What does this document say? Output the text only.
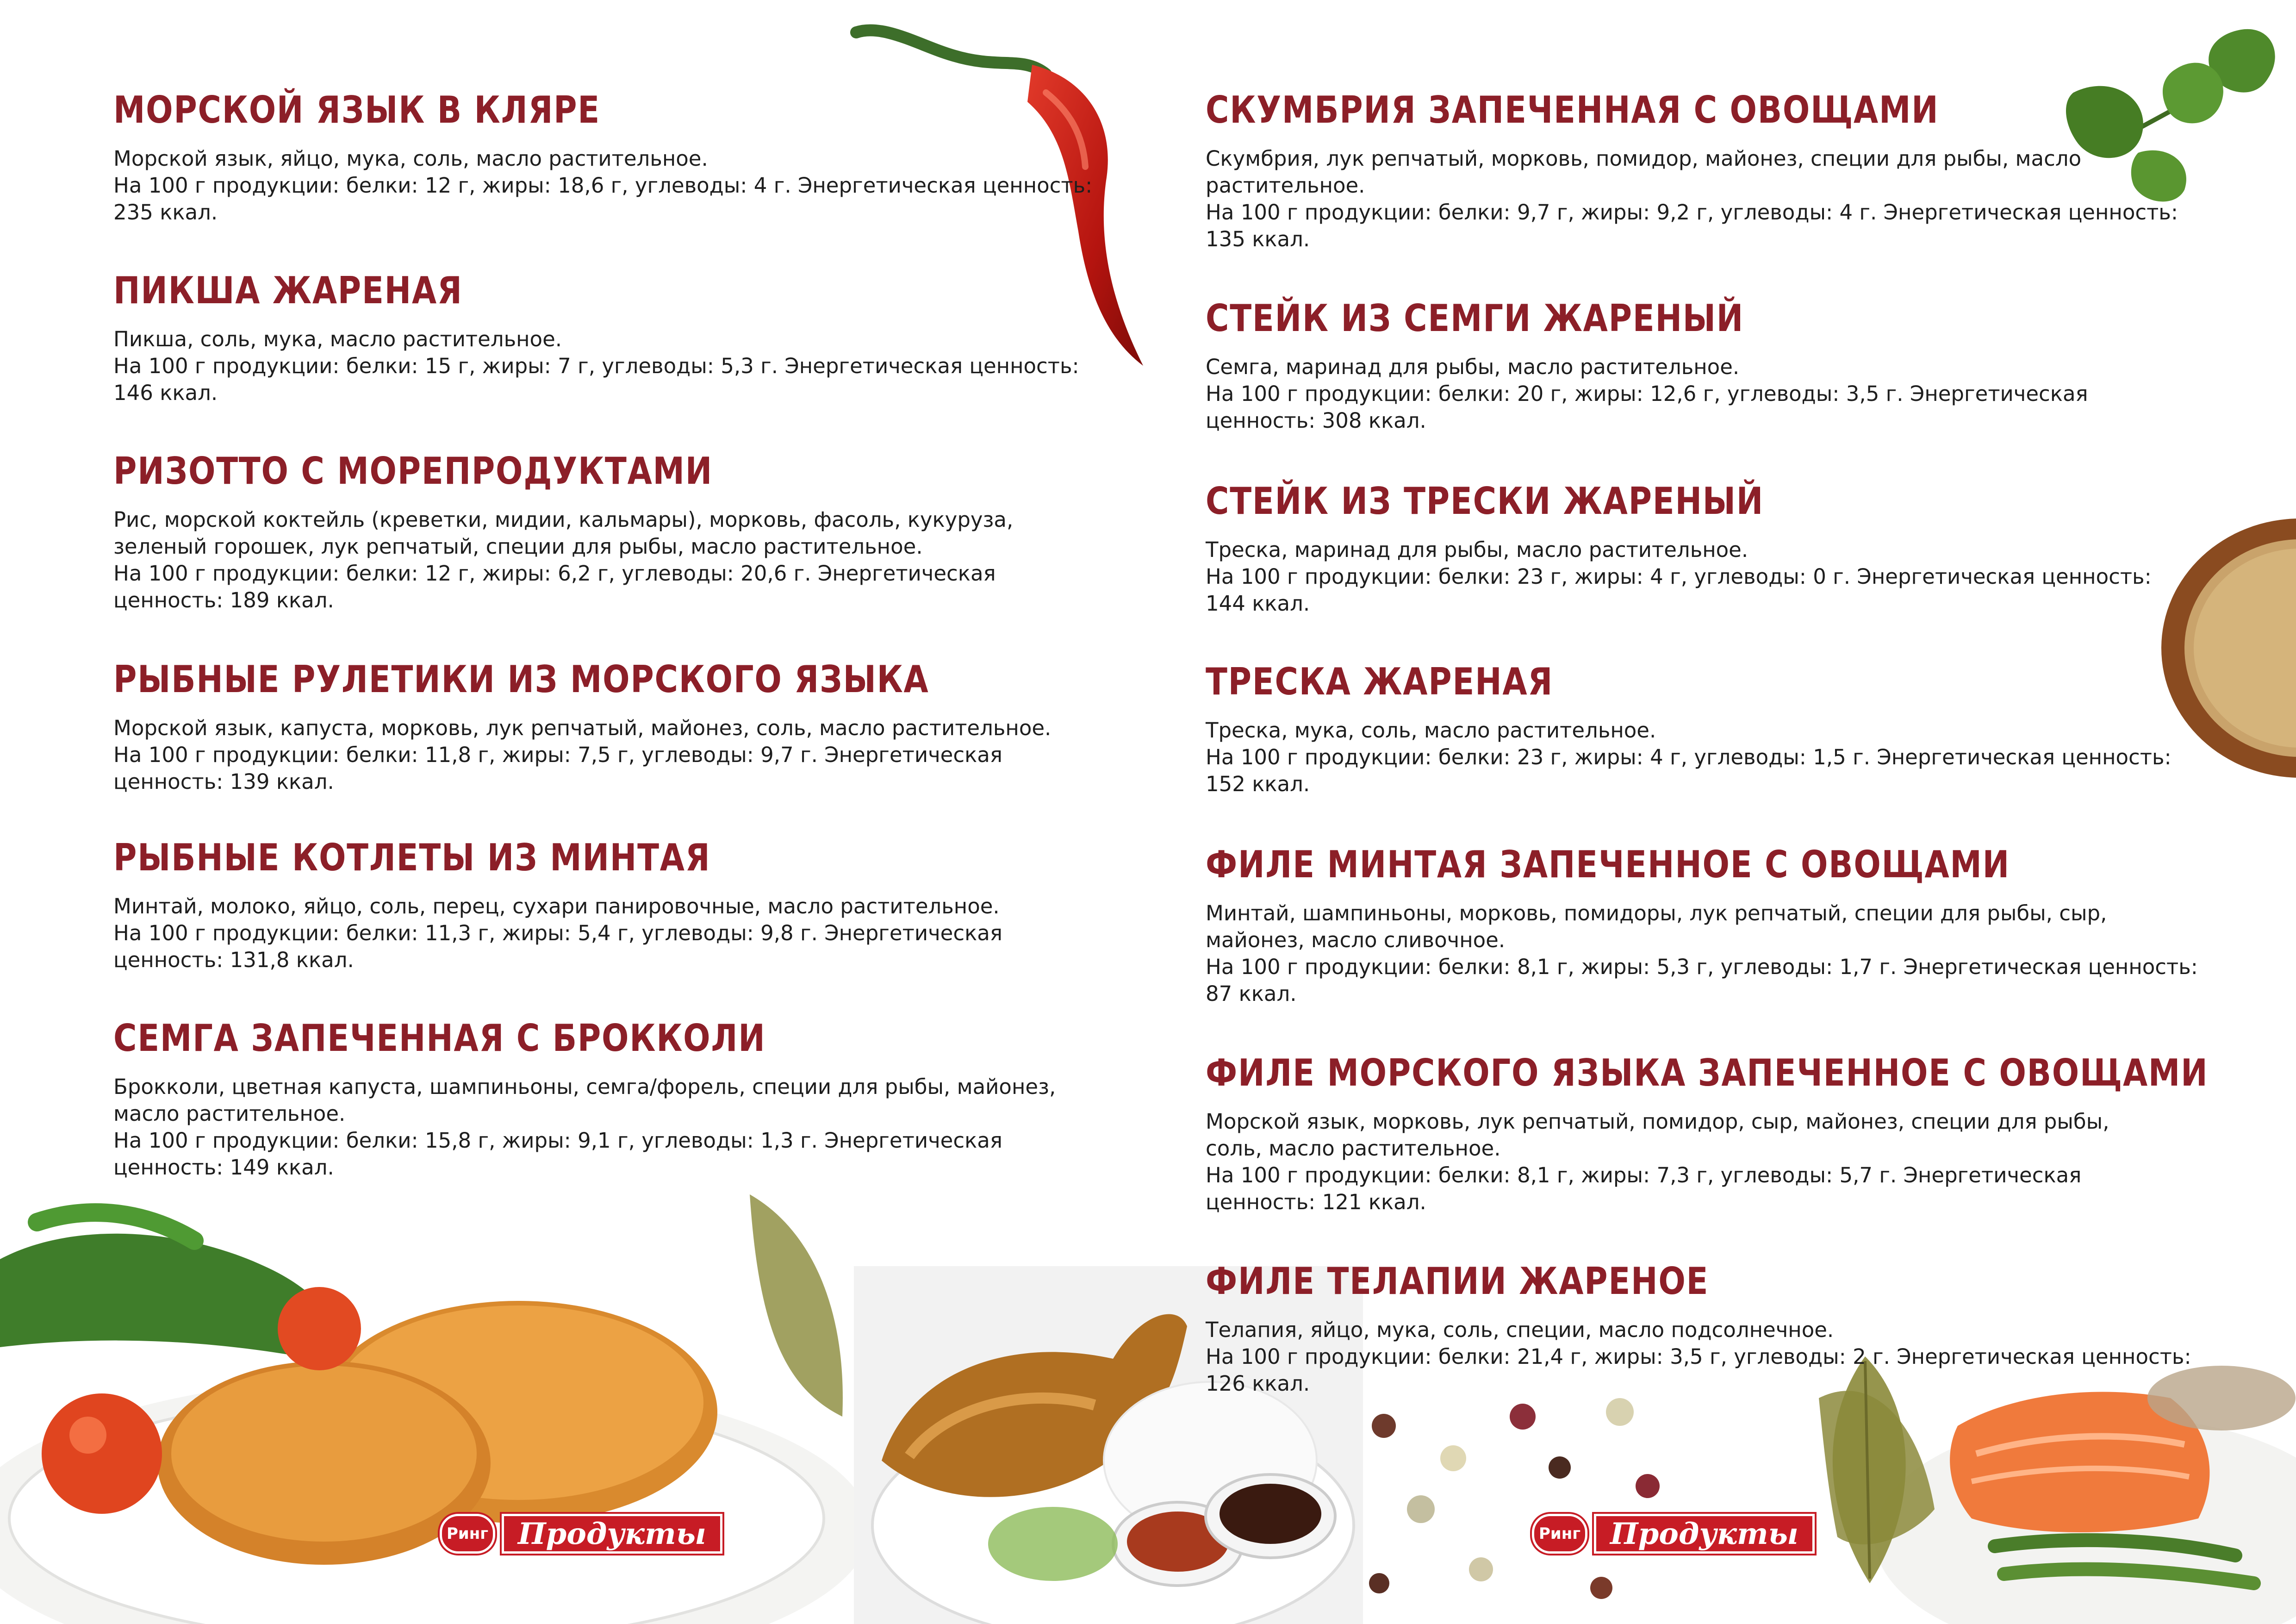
Ринг	Продукты	Ринг	Продукты
МОРСКОЙ ЯЗЫК В КЛЯРЕ

Морской язык, яйцо, мука, соль, масло растительное.

На 100 г продукции: белки: 12 г, жиры: 18,6 г, углеводы: 4 г. Энергетическая ценность:

235 ккал.

ПИКША ЖАРЕНАЯ

Пикша, соль, мука, масло растительное.

На 100 г продукции: белки: 15 г, жиры: 7 г, углеводы: 5,3 г. Энергетическая ценность:

146 ккал.

РИЗОТТО С МОРЕПРОДУКТАМИ

Рис, морской коктейль (креветки, мидии, кальмары), морковь, фасоль, кукуруза,

зеленый горошек, лук репчатый, специи для рыбы, масло растительное.

На 100 г продукции: белки: 12 г, жиры: 6,2 г, углеводы: 20,6 г. Энергетическая

ценность: 189 ккал.

РЫБНЫЕ РУЛЕТИКИ ИЗ МОРСКОГО ЯЗЫКА

Морской язык, капуста, морковь, лук репчатый, майонез, соль, масло растительное.

На 100 г продукции: белки: 11,8 г, жиры: 7,5 г, углеводы: 9,7 г. Энергетическая

ценность: 139 ккал.

РЫБНЫЕ КОТЛЕТЫ ИЗ МИНТАЯ

Минтай, молоко, яйцо, соль, перец, сухари панировочные, масло растительное.

На 100 г продукции: белки: 11,3 г, жиры: 5,4 г, углеводы: 9,8 г. Энергетическая

ценность: 131,8 ккал.

СЕМГА ЗАПЕЧЕННАЯ С БРОККОЛИ

Брокколи, цветная капуста, шампиньоны, семга/форель, специи для рыбы, майонез,

масло растительное.

На 100 г продукции: белки: 15,8 г, жиры: 9,1 г, углеводы: 1,3 г. Энергетическая

ценность: 149 ккал.

СКУМБРИЯ ЗАПЕЧЕННАЯ С ОВОЩАМИ

Скумбрия, лук репчатый, морковь, помидор, майонез, специи для рыбы, масло

растительное.

На 100 г продукции: белки: 9,7 г, жиры: 9,2 г, углеводы: 4 г. Энергетическая ценность:

135 ккал.

СТЕЙК ИЗ СЕМГИ ЖАРЕНЫЙ

Семга, маринад для рыбы, масло растительное.

На 100 г продукции: белки: 20 г, жиры: 12,6 г, углеводы: 3,5 г. Энергетическая

ценность: 308 ккал.

СТЕЙК ИЗ ТРЕСКИ ЖАРЕНЫЙ

Треска, маринад для рыбы, масло растительное.

На 100 г продукции: белки: 23 г, жиры: 4 г, углеводы: 0 г. Энергетическая ценность:

144 ккал.

ТРЕСКА ЖАРЕНАЯ

Треска, мука, соль, масло растительное.

На 100 г продукции: белки: 23 г, жиры: 4 г, углеводы: 1,5 г. Энергетическая ценность:

152 ккал.

ФИЛЕ МИНТАЯ ЗАПЕЧЕННОЕ С ОВОЩАМИ

Минтай, шампиньоны, морковь, помидоры, лук репчатый, специи для рыбы, сыр,

майонез, масло сливочное.

На 100 г продукции: белки: 8,1 г, жиры: 5,3 г, углеводы: 1,7 г. Энергетическая ценность:

87 ккал.

ФИЛЕ МОРСКОГО ЯЗЫКА ЗАПЕЧЕННОЕ С ОВОЩАМИ

Морской язык, морковь, лук репчатый, помидор, сыр, майонез, специи для рыбы,

соль, масло растительное.

На 100 г продукции: белки: 8,1 г, жиры: 7,3 г, углеводы: 5,7 г. Энергетическая

ценность: 121 ккал.

ФИЛЕ ТЕЛАПИИ ЖАРЕНОЕ

Телапия, яйцо, мука, соль, специи, масло подсолнечное.

На 100 г продукции: белки: 21,4 г, жиры: 3,5 г, углеводы: 2 г. Энергетическая ценность:

126 ккал.
